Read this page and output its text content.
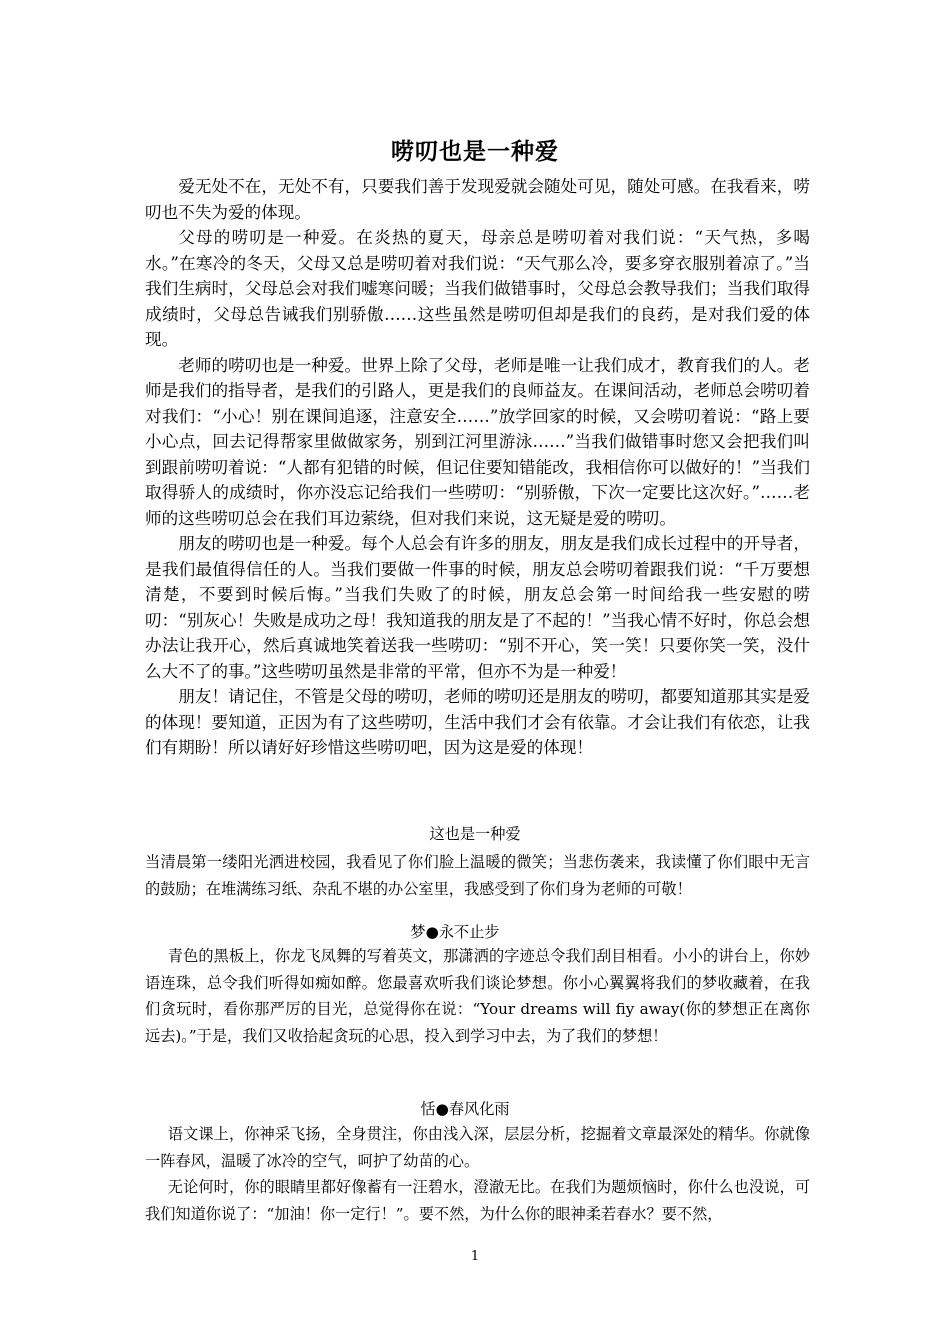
唠叨也是一种爱

爱无处不在，无处不有，只要我们善于发现爱就会随处可见，随处可感。在我看来，唠叨也不失为爱的体现。

父母的唠叨是一种爱。在炎热的夏天，母亲总是唠叨着对我们说：“天气热，多喝水。”在寒冷的冬天，父母又总是唠叨着对我们说：“天气那么冷，要多穿衣服别着凉了。”当我们生病时，父母总会对我们嘘寒问暖；当我们做错事时，父母总会教导我们；当我们取得成绩时，父母总告诫我们别骄傲……这些虽然是唠叨但却是我们的良药，是对我们爱的体现。

老师的唠叨也是一种爱。世界上除了父母，老师是唯一让我们成才，教育我们的人。老师是我们的指导者，是我们的引路人，更是我们的良师益友。在课间活动，老师总会唠叨着对我们：“小心！别在课间追逐，注意安全……”放学回家的时候，又会唠叨着说：“路上要小心点，回去记得帮家里做做家务，别到江河里游泳……”当我们做错事时您又会把我们叫到跟前唠叨着说：“人都有犯错的时候，但记住要知错能改，我相信你可以做好的！”当我们取得骄人的成绩时，你亦没忘记给我们一些唠叨：“别骄傲，下次一定要比这次好。”……老师的这些唠叨总会在我们耳边萦绕，但对我们来说，这无疑是爱的唠叨。

朋友的唠叨也是一种爱。每个人总会有许多的朋友，朋友是我们成长过程中的开导者，是我们最值得信任的人。当我们要做一件事的时候，朋友总会唠叨着跟我们说：“千万要想清楚，不要到时候后悔。”当我们失败了的时候，朋友总会第一时间给我一些安慰的唠叨：“别灰心！失败是成功之母！我知道我的朋友是了不起的！”当我心情不好时，你总会想办法让我开心，然后真诚地笑着送我一些唠叨：“别不开心，笑一笑！只要你笑一笑，没什么大不了的事。”这些唠叨虽然是非常的平常，但亦不为是一种爱！

朋友！请记住，不管是父母的唠叨，老师的唠叨还是朋友的唠叨，都要知道那其实是爱的体现！要知道，正因为有了这些唠叨，生活中我们才会有依靠。才会让我们有依恋，让我们有期盼！所以请好好珍惜这些唠叨吧，因为这是爱的体现！

这也是一种爱

当清晨第一缕阳光洒进校园，我看见了你们脸上温暖的微笑；当悲伤袭来，我读懂了你们眼中无言的鼓励；在堆满练习纸、杂乱不堪的办公室里，我感受到了你们身为老师的可敬！

梦●永不止步

青色的黑板上，你龙飞凤舞的写着英文，那潇洒的字迹总令我们刮目相看。小小的讲台上，你妙语连珠，总令我们听得如痴如醉。您最喜欢听我们谈论梦想。你小心翼翼将我们的梦收藏着，在我们贪玩时，看你那严厉的目光，总觉得你在说：“Your dreams will fiy away(你的梦想正在离你远去)。”于是，我们又收拾起贪玩的心思，投入到学习中去，为了我们的梦想！

恬●春风化雨

语文课上，你神采飞扬，全身贯注，你由浅入深，层层分析，挖掘着文章最深处的精华。你就像一阵春风，温暖了冰冷的空气，呵护了幼苗的心。

无论何时，你的眼睛里都好像蓄有一汪碧水，澄澈无比。在我们为题烦恼时，你什么也没说，可我们知道你说了：“加油！你一定行！”。要不然，为什么你的眼神柔若春水？要不然，

1
